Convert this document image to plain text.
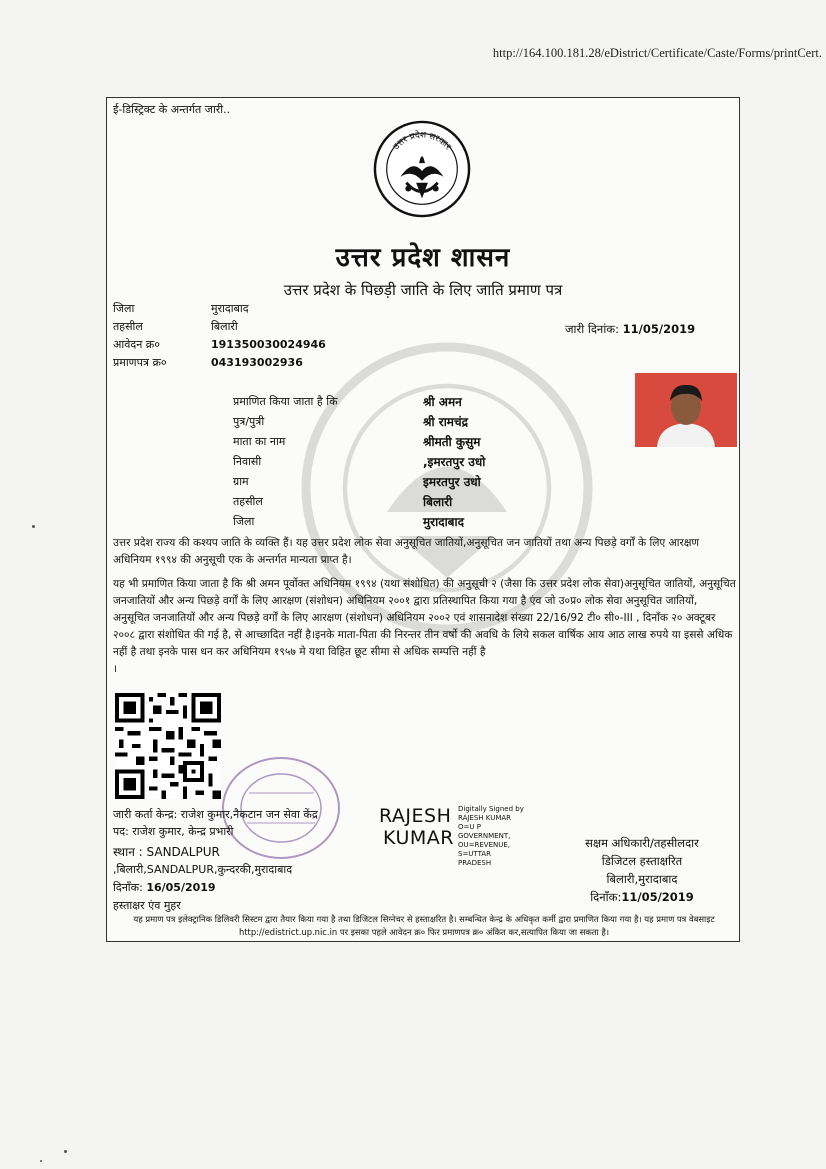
http://164.100.181.28/eDistrict/Certificate/Caste/Forms/printCert.
ई-डिस्ट्रिक्ट के अन्तर्गत जारी..
उत्तर प्रदेश सरकार
उत्तर प्रदेश शासन
उत्तर प्रदेश के पिछड़ी जाति के लिए जाति प्रमाण पत्र
जिला	मुरादाबाद
तहसील	बिलारी
आवेदन क्र०	191350030024946
प्रमाणपत्र क्र०	043193002936
जारी दिनांक: 11/05/2019
प्रमाणित किया जाता है कि	श्री अमन
पुत्र/पुत्री	श्री रामचंद्र
माता का नाम	श्रीमती कुसुम
निवासी	,इमरतपुर उधो
ग्राम	इमरतपुर उधो
तहसील	बिलारी
जिला	मुरादाबाद
उत्तर प्रदेश राज्य की कश्यप जाति के व्यक्ति हैं। यह उत्तर प्रदेश लोक सेवा अनुसूचित जातियों,अनुसूचित जन जातियों तथा अन्य पिछड़े वर्गों के लिए आरक्षण अधिनियम १९९४ की अनुसूची एक के अन्तर्गत मान्यता प्राप्त है।
यह भी प्रमाणित किया जाता है कि श्री अमन पूर्वोक्त अधिनियम १९९४ (यथा संशोधित) की अनुसूची २ (जैसा कि उत्तर प्रदेश लोक सेवा)अनुसूचित जातियों, अनुसूचित जनजातियों और अन्य पिछड़े वर्गों के लिए आरक्षण (संशोधन) अधिनियम २००१ द्वारा प्रतिस्थापित किया गया है एंव जो उ०प्र० लोक सेवा अनुसूचित जातियों, अनुसूचित जनजातियों और अन्य पिछड़े वर्गों के लिए आरक्षण (संशोधन) अधिनियम २००२ एवं शासनादेश संख्या 22/16/92 टी० सी०-III , दिनाँक २० अक्टूबर २००८ द्वारा संशोधित की गई है, से आच्छादित नहीं है।इनके माता-पिता की निरन्तर तीन वर्षो की अवधि के लिये सकल वार्षिक आय आठ लाख रुपये या इससे अधिक नहीं है तथा इनके पास धन कर अधिनियम १९५७ मे यथा विहित छूट सीमा से अधिक सम्पत्ति नहीं है
।
जारी कर्ता केन्द्र: राजेश कुमार,नैकटान जन सेवा केंद्र
पद: राजेश कुमार, केन्द्र प्रभारी
स्थान : SANDALPUR
,बिलारी,SANDALPUR,कुन्दरकी,मुरादाबाद
दिनाँक: 16/05/2019
हस्ताक्षर एंव मुहर
RAJESH
KUMAR
Digitally Signed by
RAJESH KUMAR
O=U P
GOVERNMENT,
OU=REVENUE,
S=UTTAR
PRADESH
सक्षम अधिकारी/तहसीलदार
डिजिटल हस्ताक्षरित
बिलारी,मुरादाबाद
दिनाँक:11/05/2019
यह प्रमाण पत्र इलेक्ट्रानिक डिलिवरी सिस्टम द्वारा तैयार किया गया है तथा डिजिटल सिग्नेचर से हस्ताक्षरित है। सम्बन्धित केन्द्र के अधिकृत कर्मी द्वारा प्रमाणित किया गया है। यह प्रमाण पत्र वेबसाइट http://edistrict.up.nic.in पर इसका पहले आवेदन क्र० फिर प्रमाणपत्र क्र० अंकित कर,सत्यापित किया जा सकता है।
